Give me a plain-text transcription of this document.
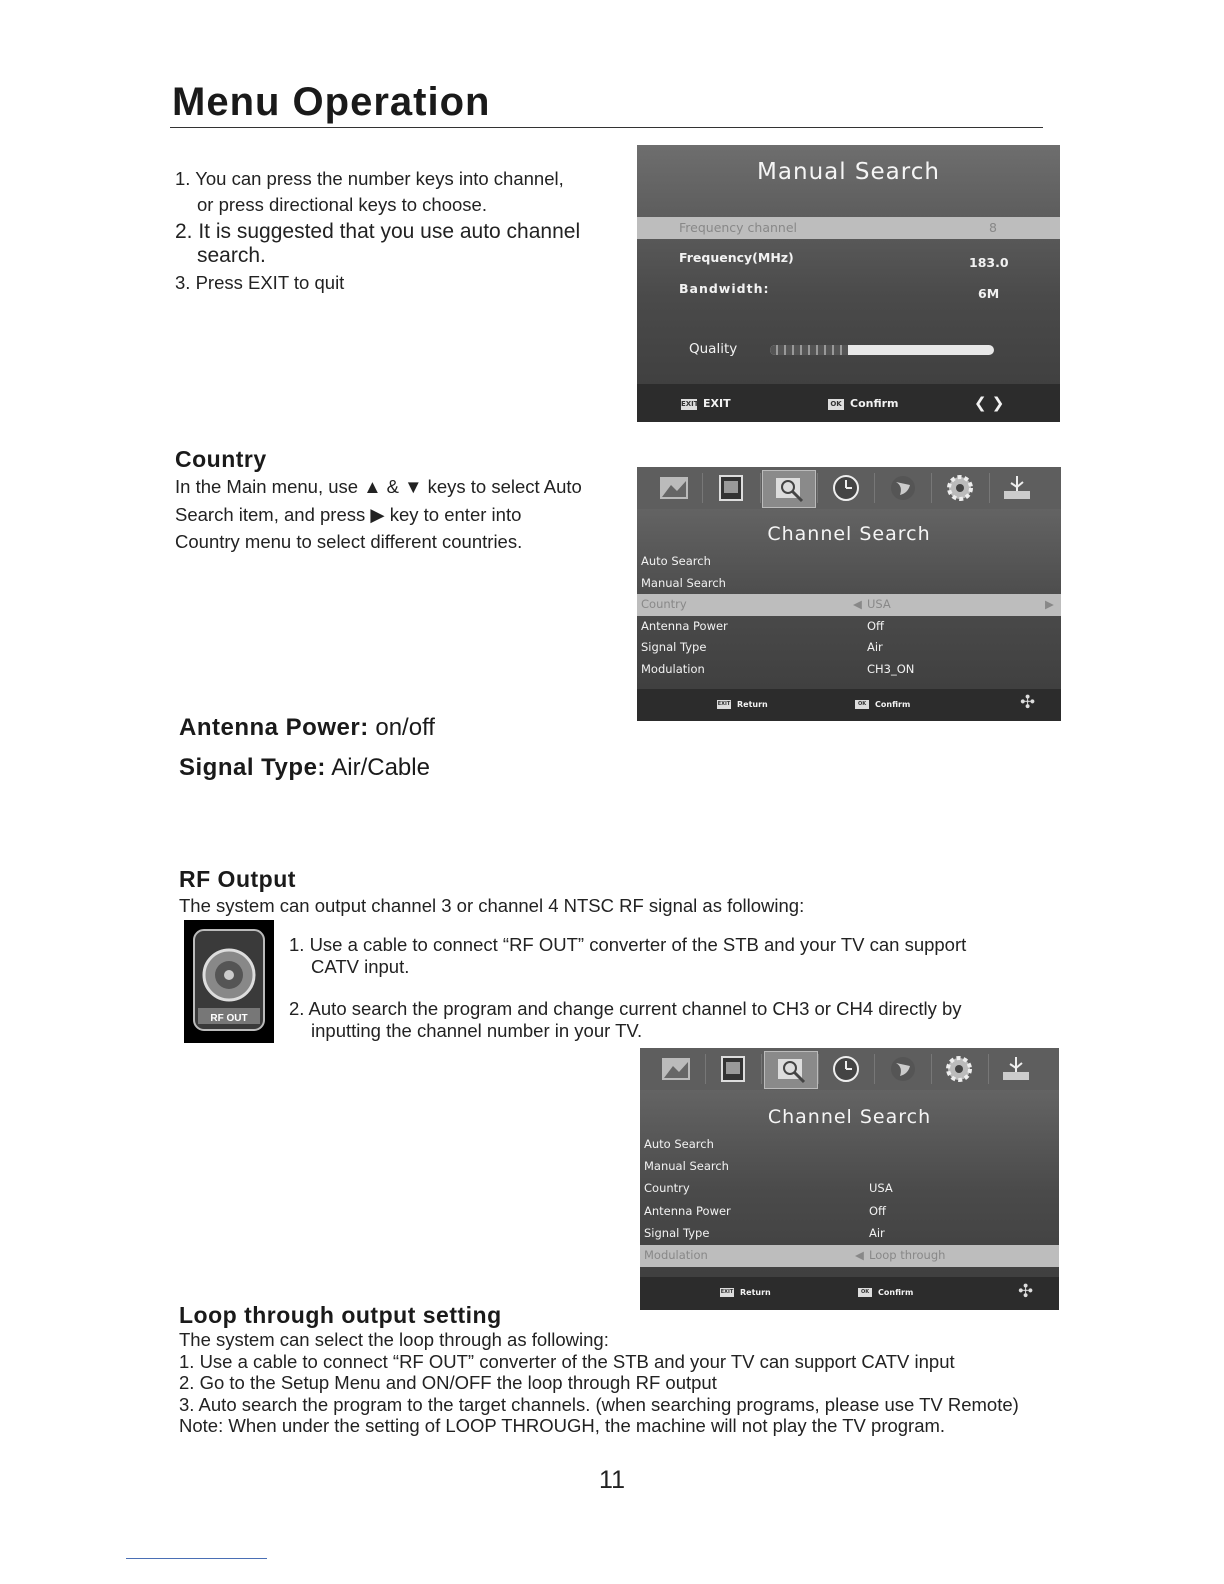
Menu Operation
1. You can press the number keys into channel,
or press directional keys to choose.
2. It is suggested that you use auto channel
search.
3. Press EXIT to quit
Manual Search
Frequency channel	8
Frequency(MHz)	183.0
Bandwidth:	6M
Quality
EXIT EXIT	OK Confirm	❮ ❯
Country
In the Main menu, use ▲ & ▼ keys to select Auto
Search item, and press ▶ key to enter into
Country menu to select different countries.	Channel Search
Auto Search
Manual Search
Country	USA
◀	▶
Antenna Power	Off
Signal Type	Air
Modulation	CH3_ON
EXIT Return	OK Confirm	✣
Antenna Power: on/off
Signal Type: Air/Cable
RF Output
The system can output channel 3 or channel 4 NTSC RF signal as following:
RF OUT
1. Use a cable to connect “RF OUT” converter of the STB and your TV can support
CATV input.
2. Auto search the program and change current channel to CH3 or CH4 directly by
inputting the channel number in your TV.
Channel Search
Auto Search
Manual Search
Country	USA
Antenna Power	Off
Signal Type	Air
Modulation	Loop through
◀
EXIT Return	OK Confirm	✣
Loop through output setting
The system can select the loop through as following:
1. Use a cable to connect “RF OUT” converter of the STB and your TV can support CATV input
2. Go to the Setup Menu and ON/OFF the loop through RF output
3. Auto search the program to the target channels. (when searching programs, please use TV Remote)
Note: When under the setting of LOOP THROUGH, the machine will not play the TV program.
11
